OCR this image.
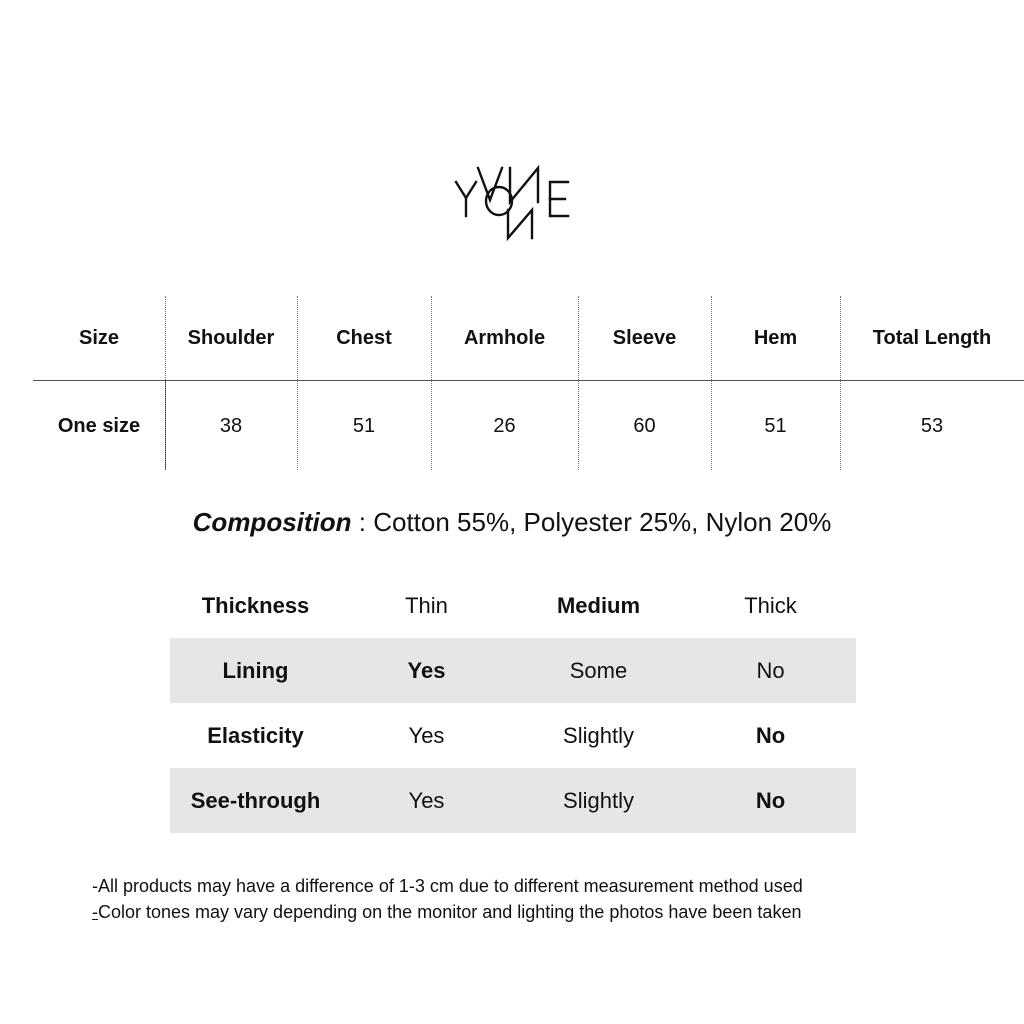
Size	Shoulder	Chest	Armhole	Sleeve	Hem	Total Length
One size	38	51	26	60	51	53
Composition : Cotton 55%, Polyester 25%, Nylon 20%
Thickness	Thin	Medium	Thick
Lining	Yes	Some	No
Elasticity	Yes	Slightly	No
See-through	Yes	Slightly	No
-All products may have a difference of 1-3 cm due to different measurement method used
-Color tones may vary depending on the monitor and lighting the photos have been taken
